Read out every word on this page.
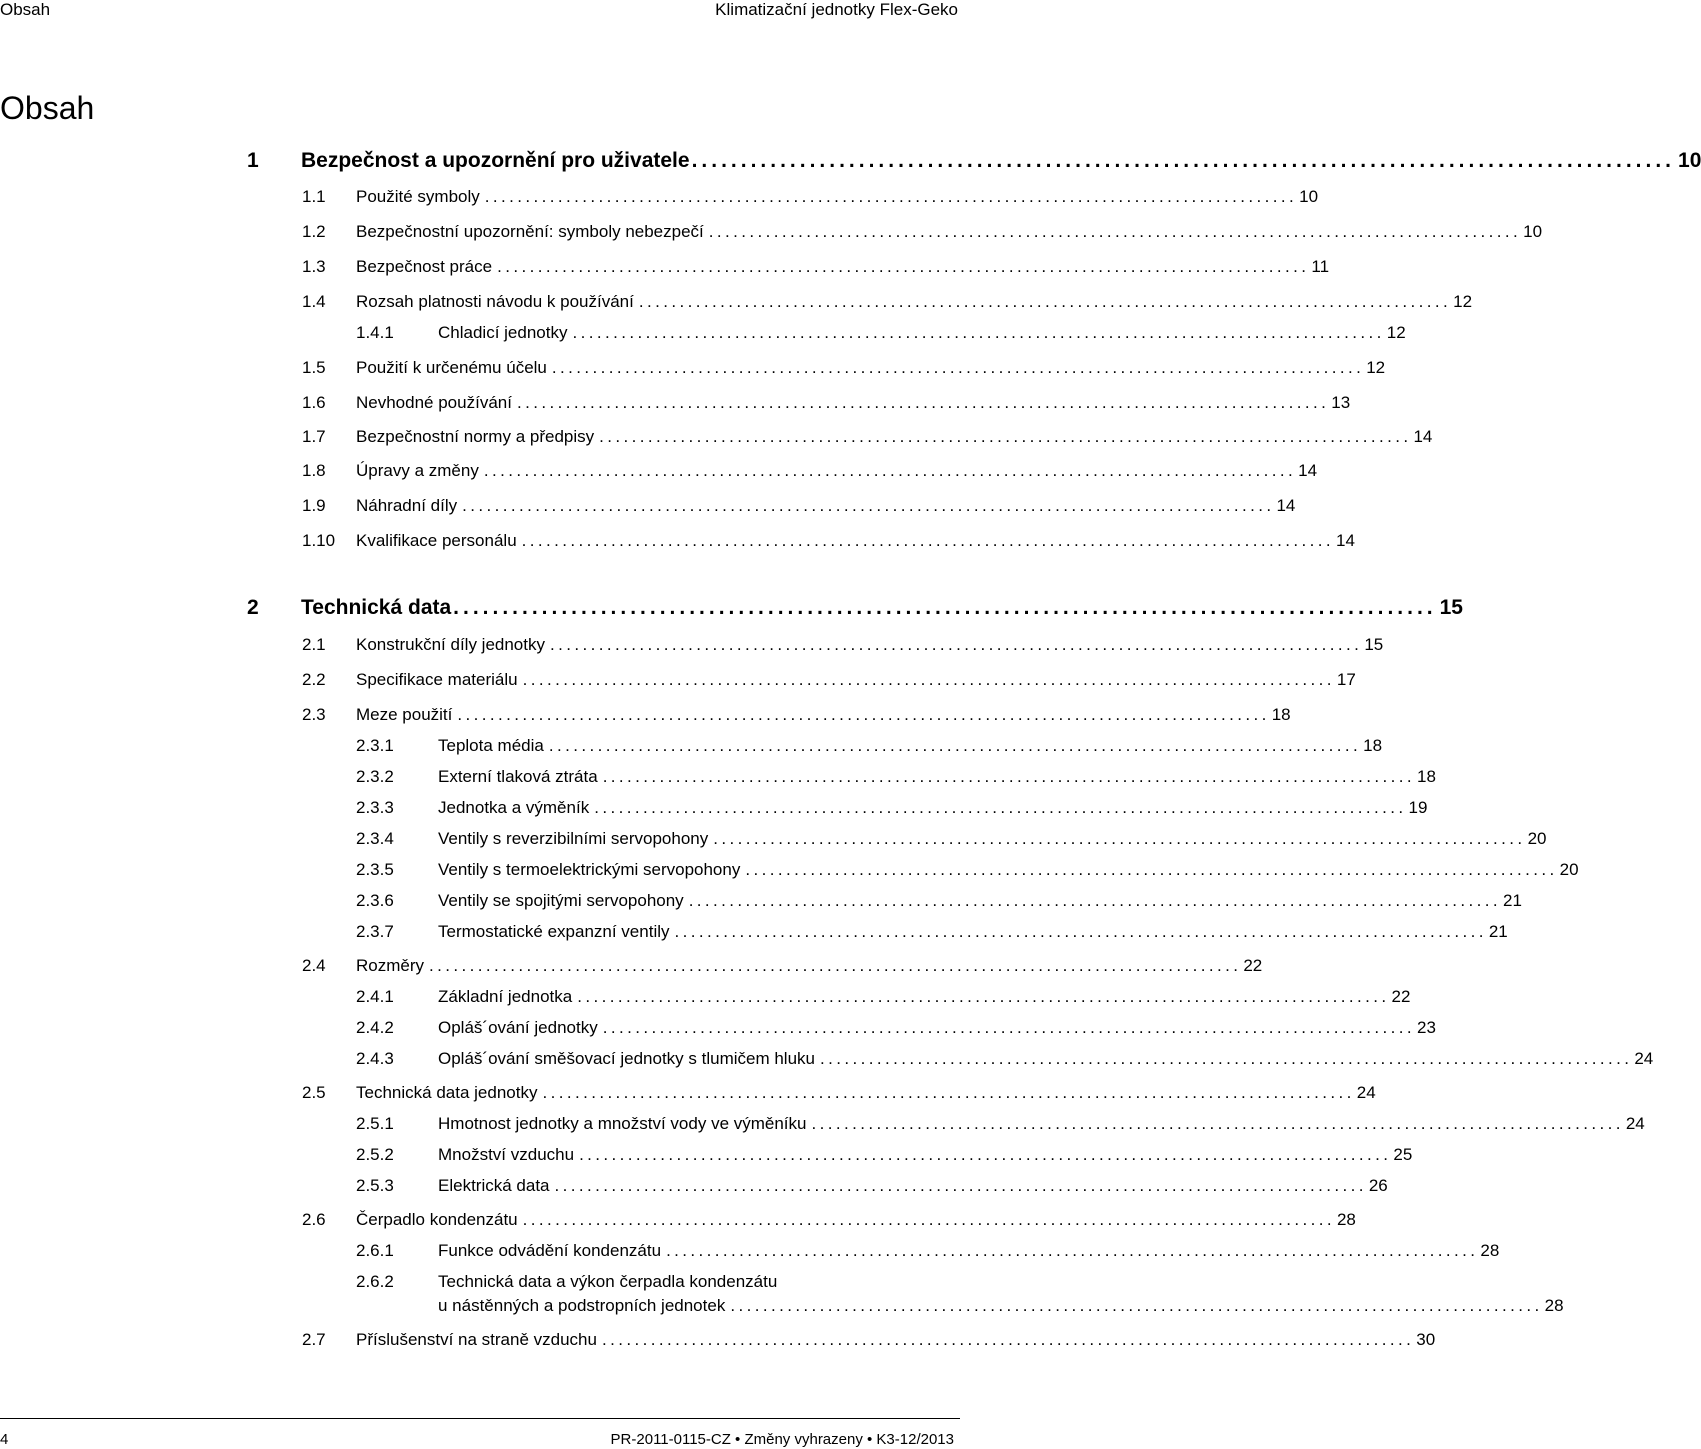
Obsah	Klimatizační jednotky Flex-Geko
Obsah
1 Bezpečnost a upozornění pro uživatele .................................................................................................... 10
1.1 Použité symboly .................................................................................................... 10
1.2 Bezpečnostní upozornění: symboly nebezpečí .................................................................................................... 10
1.3 Bezpečnost práce .................................................................................................... 11
1.4 Rozsah platnosti návodu k používání .................................................................................................... 12
1.4.1	Chladicí jednotky .................................................................................................... 12
1.5 Použití k určenému účelu .................................................................................................... 12
1.6 Nevhodné používání .................................................................................................... 13
1.7 Bezpečnostní normy a předpisy .................................................................................................... 14
1.8 Úpravy a změny .................................................................................................... 14
1.9 Náhradní díly .................................................................................................... 14
1.10 Kvalifikace personálu .................................................................................................... 14
2 Technická data .................................................................................................... 15
2.1 Konstrukční díly jednotky .................................................................................................... 15
2.2 Specifikace materiálu .................................................................................................... 17
2.3 Meze použití .................................................................................................... 18
2.3.1	Teplota média .................................................................................................... 18
2.3.2	Externí tlaková ztráta .................................................................................................... 18
2.3.3	Jednotka a výměník .................................................................................................... 19
2.3.4	Ventily s reverzibilními servopohony .................................................................................................... 20
2.3.5	Ventily s termoelektrickými servopohony .................................................................................................... 20
2.3.6	Ventily se spojitými servopohony .................................................................................................... 21
2.3.7	Termostatické expanzní ventily .................................................................................................... 21
2.4 Rozměry .................................................................................................... 22
2.4.1	Základní jednotka .................................................................................................... 22
2.4.2	Opláš´ování jednotky .................................................................................................... 23
2.4.3	Opláš´ování směšovací jednotky s tlumičem hluku .................................................................................................... 24
2.5 Technická data jednotky .................................................................................................... 24
2.5.1	Hmotnost jednotky a množství vody ve výměníku .................................................................................................... 24
2.5.2	Množství vzduchu .................................................................................................... 25
2.5.3	Elektrická data .................................................................................................... 26
2.6 Čerpadlo kondenzátu .................................................................................................... 28
2.6.1	Funkce odvádění kondenzátu .................................................................................................... 28
2.6.2	Technická data a výkon čerpadla kondenzátu
u nástěnných a podstropních jednotek .................................................................................................... 28
2.7 Příslušenství na straně vzduchu .................................................................................................... 30
4	PR-2011-0115-CZ • Změny vyhrazeny • K3-12/2013
